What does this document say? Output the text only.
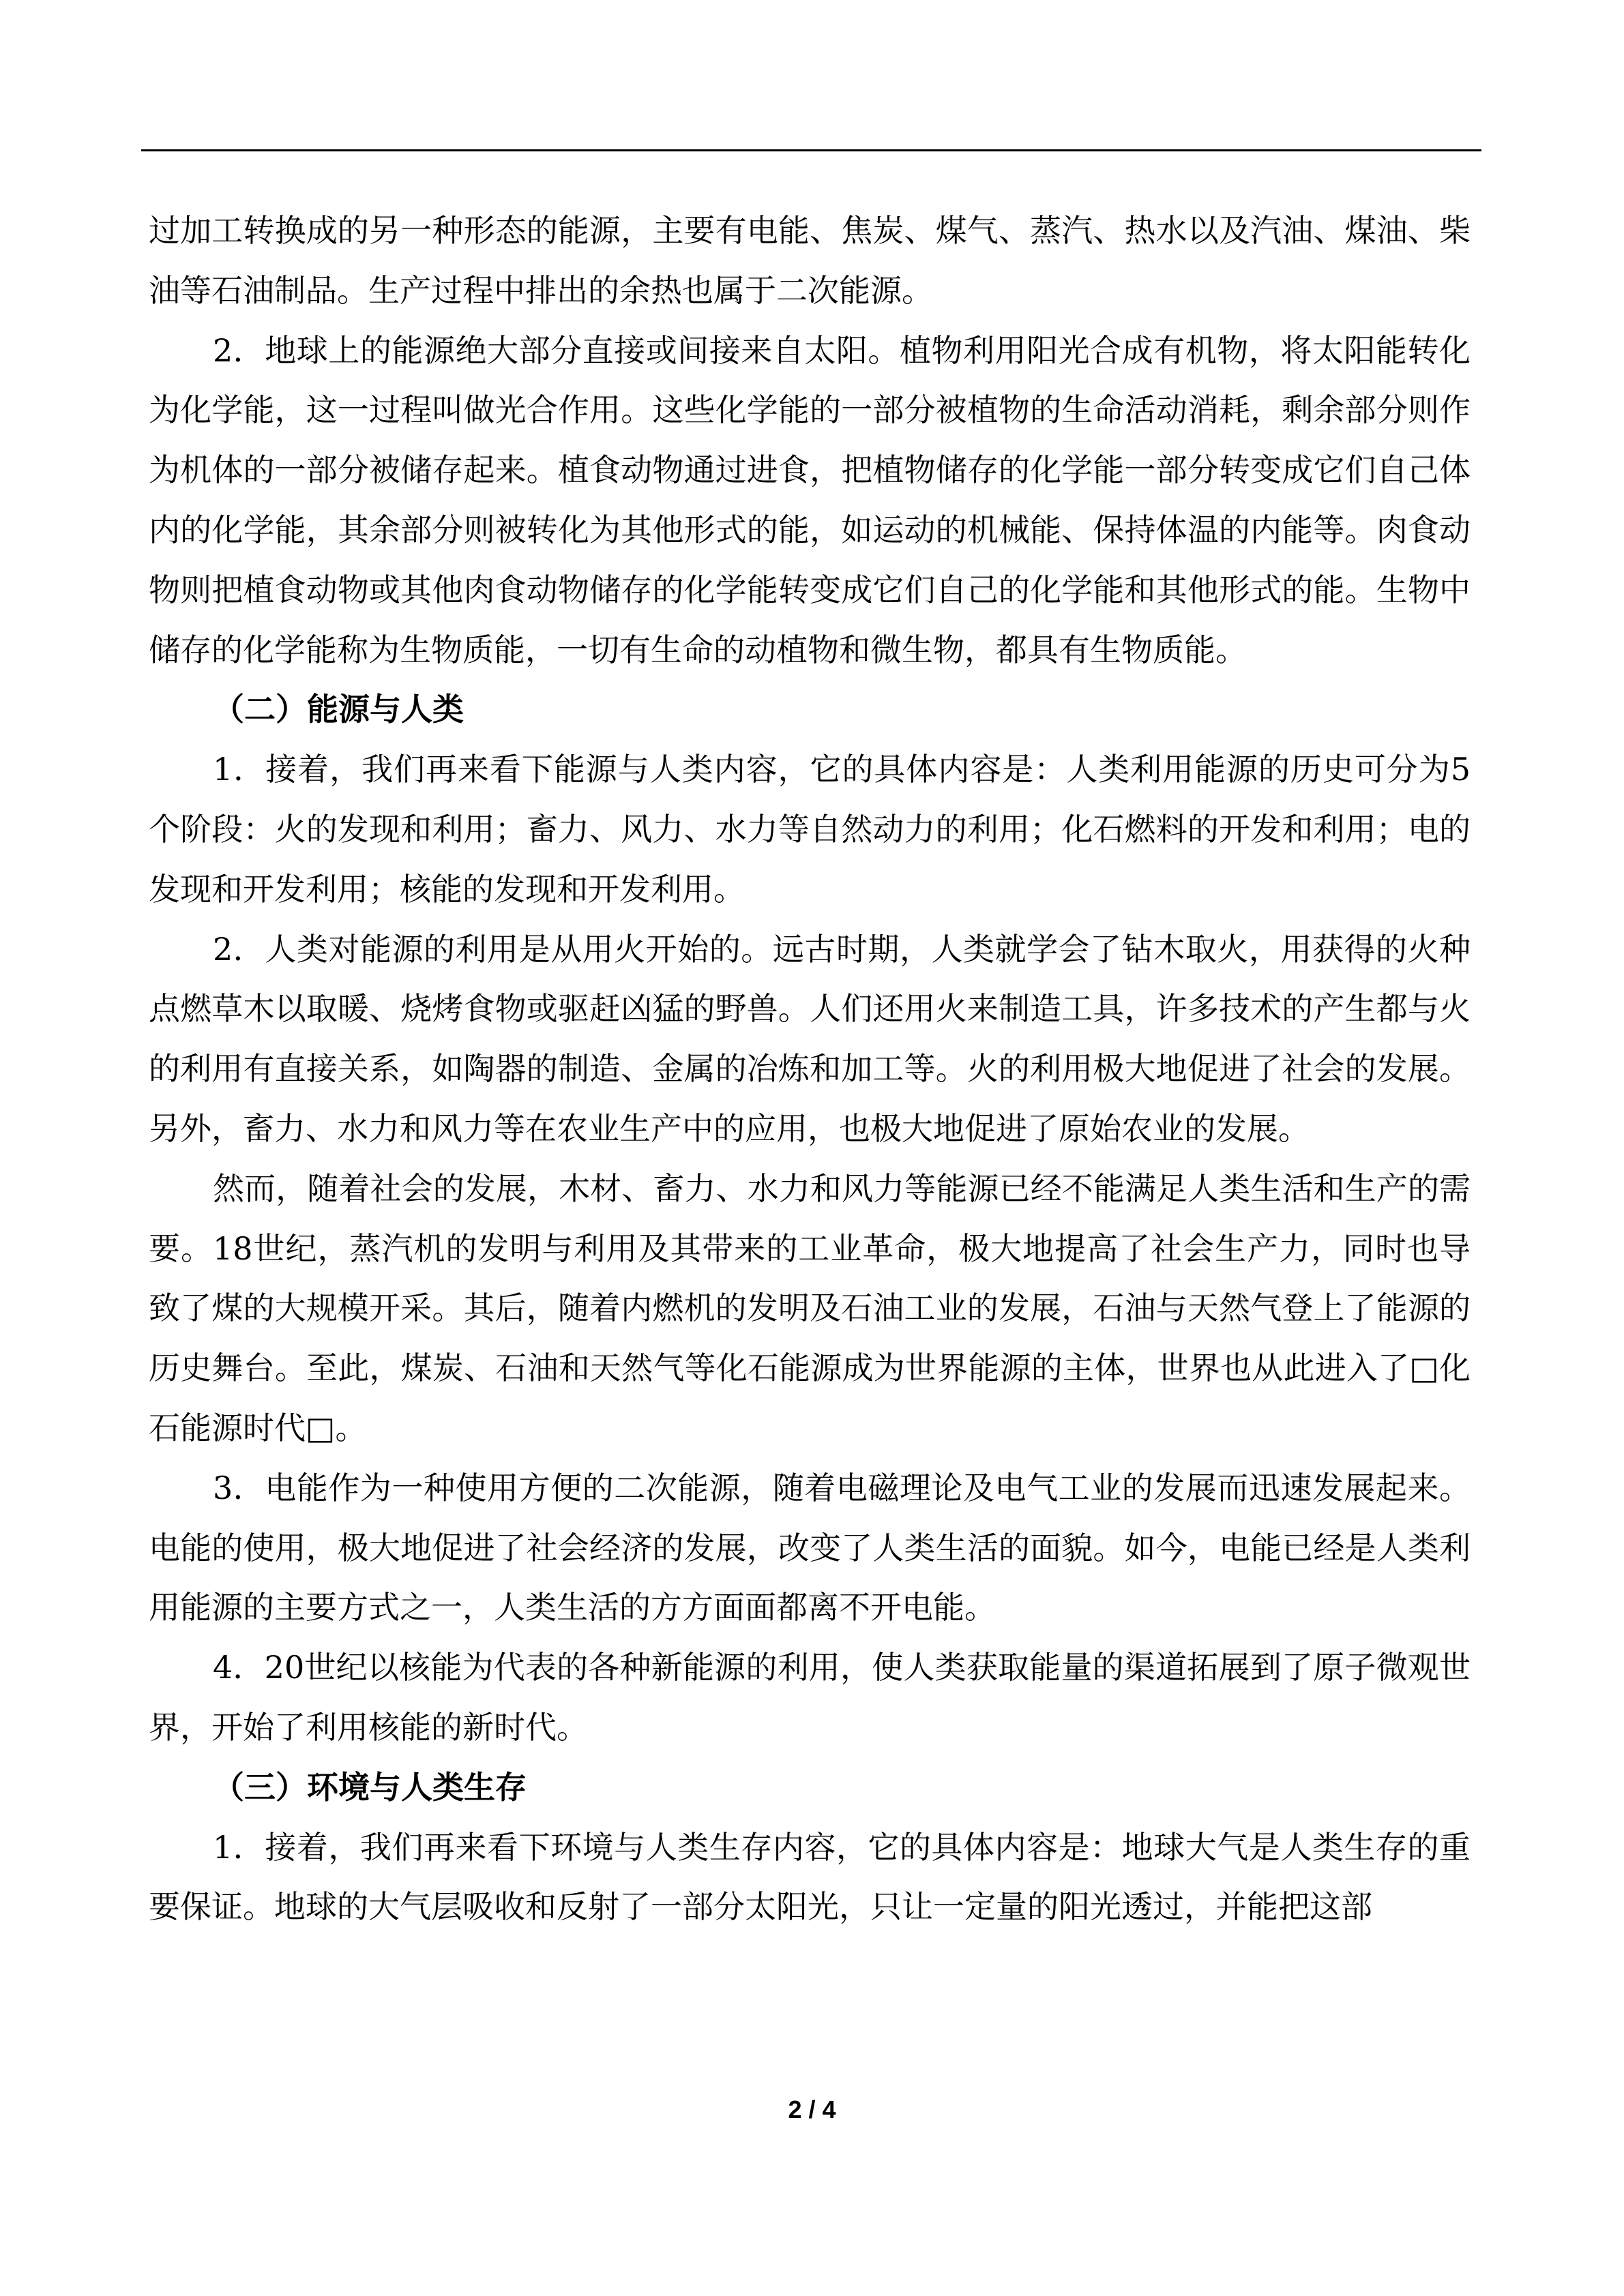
过加工转换成的另一种形态的能源，主要有电能、焦炭、煤气、蒸汽、热水以及汽油、煤油、柴油等石油制品。生产过程中排出的余热也属于二次能源。

2．地球上的能源绝大部分直接或间接来自太阳。植物利用阳光合成有机物，将太阳能转化为化学能，这一过程叫做光合作用。这些化学能的一部分被植物的生命活动消耗，剩余部分则作为机体的一部分被储存起来。植食动物通过进食，把植物储存的化学能一部分转变成它们自己体内的化学能，其余部分则被转化为其他形式的能，如运动的机械能、保持体温的内能等。肉食动物则把植食动物或其他肉食动物储存的化学能转变成它们自己的化学能和其他形式的能。生物中储存的化学能称为生物质能，一切有生命的动植物和微生物，都具有生物质能。

（二）能源与人类

1．接着，我们再来看下能源与人类内容，它的具体内容是：人类利用能源的历史可分为5个阶段：火的发现和利用；畜力、风力、水力等自然动力的利用；化石燃料的开发和利用；电的发现和开发利用；核能的发现和开发利用。

2．人类对能源的利用是从用火开始的。远古时期，人类就学会了钻木取火，用获得的火种点燃草木以取暖、烧烤食物或驱赶凶猛的野兽。人们还用火来制造工具，许多技术的产生都与火的利用有直接关系，如陶器的制造、金属的冶炼和加工等。火的利用极大地促进了社会的发展。另外，畜力、水力和风力等在农业生产中的应用，也极大地促进了原始农业的发展。

然而，随着社会的发展，木材、畜力、水力和风力等能源已经不能满足人类生活和生产的需要。18世纪，蒸汽机的发明与利用及其带来的工业革命，极大地提高了社会生产力，同时也导致了煤的大规模开采。其后，随着内燃机的发明及石油工业的发展，石油与天然气登上了能源的历史舞台。至此，煤炭、石油和天然气等化石能源成为世界能源的主体，世界也从此进入了□化石能源时代□。

3．电能作为一种使用方便的二次能源，随着电磁理论及电气工业的发展而迅速发展起来。电能的使用，极大地促进了社会经济的发展，改变了人类生活的面貌。如今，电能已经是人类利用能源的主要方式之一，人类生活的方方面面都离不开电能。

4．20世纪以核能为代表的各种新能源的利用，使人类获取能量的渠道拓展到了原子微观世界，开始了利用核能的新时代。

（三）环境与人类生存

1．接着，我们再来看下环境与人类生存内容，它的具体内容是：地球大气是人类生存的重要保证。地球的大气层吸收和反射了一部分太阳光，只让一定量的阳光透过，并能把这部

2 / 4
